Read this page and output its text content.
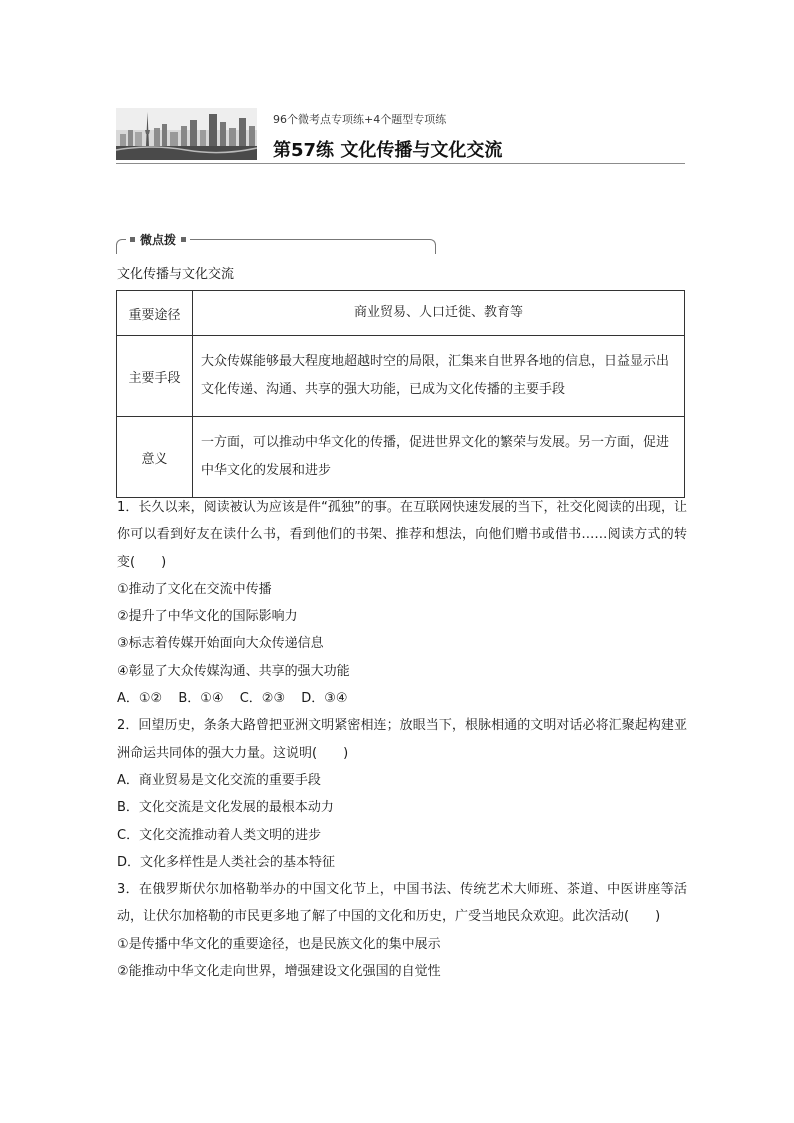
96个微考点专项练+4个题型专项练
第57练 文化传播与文化交流
微点拨
文化传播与文化交流
重要途径	商业贸易、人口迁徙、教育等
主要手段	大众传媒能够最大程度地超越时空的局限，汇集来自世界各地的信息，日益显示出文化传递、沟通、共享的强大功能，已成为文化传播的主要手段
意义	一方面，可以推动中华文化的传播，促进世界文化的繁荣与发展。另一方面，促进中华文化的发展和进步

1．长久以来，阅读被认为应该是件“孤独”的事。在互联网快速发展的当下，社交化阅读的出现，让你可以看到好友在读什么书，看到他们的书架、推荐和想法，向他们赠书或借书……阅读方式的转变(　　)

①推动了文化在交流中传播

②提升了中华文化的国际影响力

③标志着传媒开始面向大众传递信息

④彰显了大众传媒沟通、共享的强大功能

A．①② B．①④ C．②③ D．③④

2．回望历史，条条大路曾把亚洲文明紧密相连；放眼当下，根脉相通的文明对话必将汇聚起构建亚洲命运共同体的强大力量。这说明(　　)

A．商业贸易是文化交流的重要手段

B．文化交流是文化发展的最根本动力

C．文化交流推动着人类文明的进步

D．文化多样性是人类社会的基本特征

3．在俄罗斯伏尔加格勒举办的中国文化节上，中国书法、传统艺术大师班、茶道、中医讲座等活动，让伏尔加格勒的市民更多地了解了中国的文化和历史，广受当地民众欢迎。此次活动(　　)

①是传播中华文化的重要途径，也是民族文化的集中展示

②能推动中华文化走向世界，增强建设文化强国的自觉性
